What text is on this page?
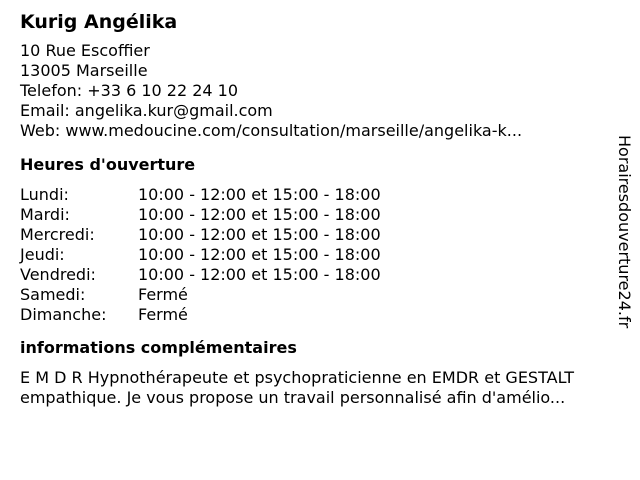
Kurig Angélika
10 Rue Escoffier
13005 Marseille
Telefon: +33 6 10 22 24 10
Email: angelika.kur@gmail.com
Web: www.medoucine.com/consultation/marseille/angelika-k...
Heures d'ouverture
Lundi:	10:00 - 12:00 et 15:00 - 18:00
Mardi:	10:00 - 12:00 et 15:00 - 18:00
Mercredi:	10:00 - 12:00 et 15:00 - 18:00
Jeudi:	10:00 - 12:00 et 15:00 - 18:00
Vendredi:	10:00 - 12:00 et 15:00 - 18:00
Samedi:	Fermé
Dimanche:	Fermé
informations complémentaires
E M D R Hypnothérapeute et psychopraticienne en EMDR et GESTALT
empathique. Je vous propose un travail personnalisé afin d'amélio...
Horairesdouverture24.fr
